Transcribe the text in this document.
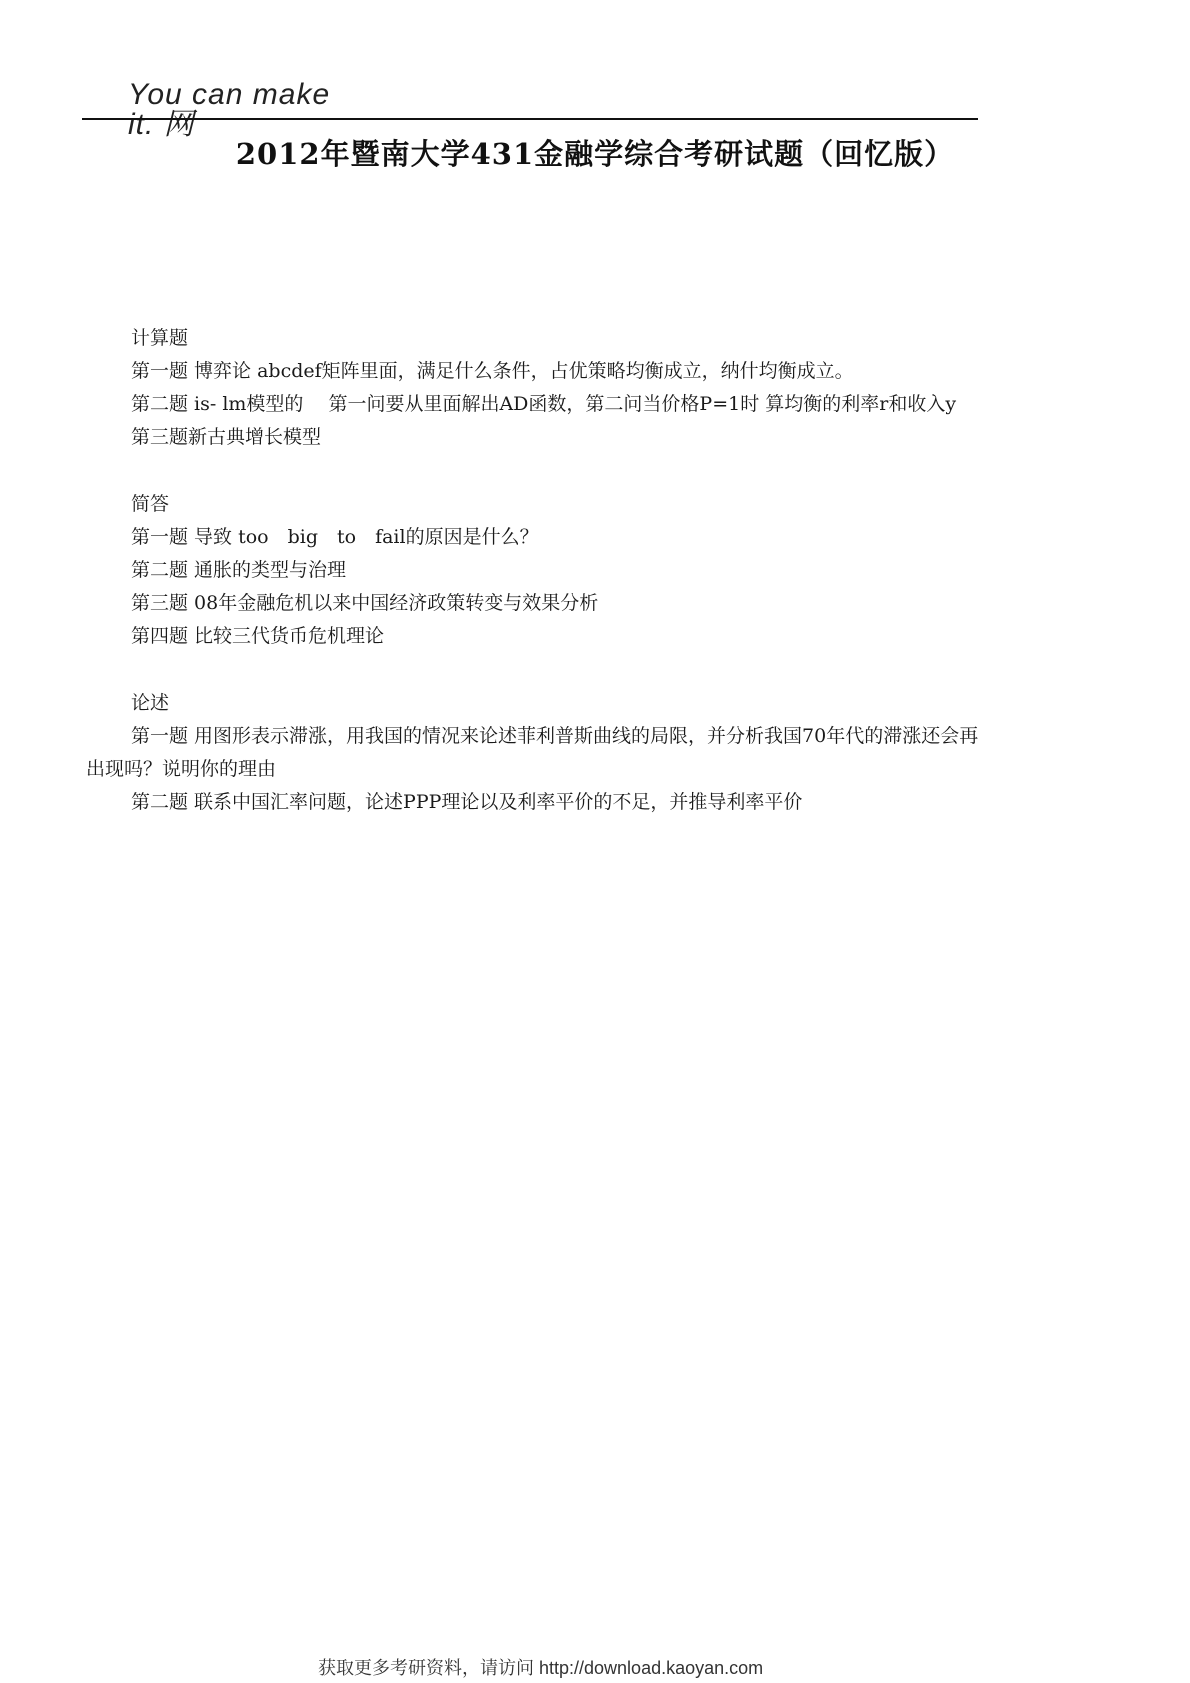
You can make it. 网
2012年暨南大学431金融学综合考研试题（回忆版）
计算题

第一题 博弈论 abcdef矩阵里面，满足什么条件，占优策略均衡成立，纳什均衡成立。

第二题 is- lm模型的　 第一问要从里面解出AD函数，第二问当价格P=1时 算均衡的利率r和收入y

第三题新古典增长模型

简答

第一题 导致 too　big　to　fail的原因是什么？

第二题 通胀的类型与治理

第三题 08年金融危机以来中国经济政策转变与效果分析

第四题 比较三代货币危机理论

论述

第一题 用图形表示滞涨，用我国的情况来论述菲利普斯曲线的局限，并分析我国70年代的滞涨还会再出现吗？说明你的理由

第二题 联系中国汇率问题，论述PPP理论以及利率平价的不足，并推导利率平价

获取更多考研资料，请访问 http://download.kaoyan.com
